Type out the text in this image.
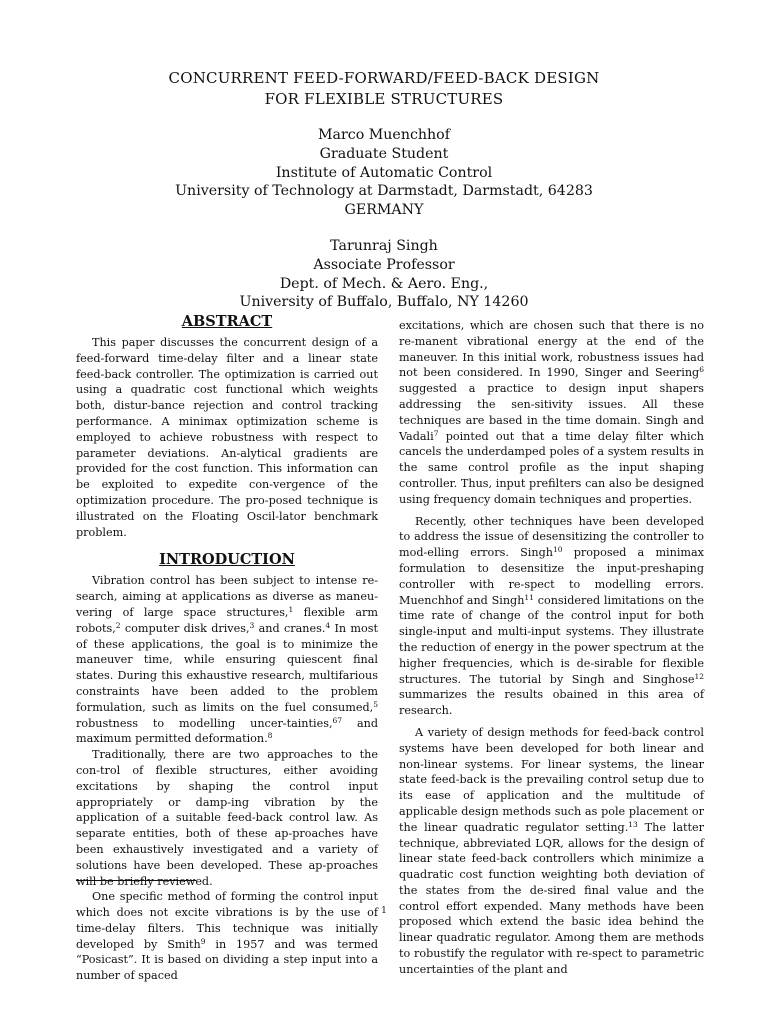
CONCURRENT FEED-FORWARD/FEED-BACK DESIGN
FOR FLEXIBLE STRUCTURES
Marco Muenchhof
Graduate Student
Institute of Automatic Control
University of Technology at Darmstadt, Darmstadt, 64283
GERMANY
Tarunraj Singh
Associate Professor
Dept. of Mech. & Aero. Eng.,
University of Buffalo, Buffalo, NY 14260
ABSTRACT

This paper discusses the concurrent design of a feed-forward time-delay filter and a linear state feed-back controller. The optimization is carried out using a quadratic cost functional which weights both, distur-bance rejection and control tracking performance. A minimax optimization scheme is employed to achieve robustness with respect to parameter deviations. An-alytical gradients are provided for the cost function. This information can be exploited to expedite con-vergence of the optimization procedure. The pro-posed technique is illustrated on the Floating Oscil-lator benchmark problem.

INTRODUCTION

Vibration control has been subject to intense re-search, aiming at applications as diverse as maneu-vering of large space structures,$^1$ flexible arm robots,$^2$ computer disk drives,$^3$ and cranes.$^4$ In most of these applications, the goal is to minimize the maneuver time, while ensuring quiescent final states. During this exhaustive research, multifarious constraints have been added to the problem formulation, such as limits on the fuel consumed,$^5$ robustness to modelling uncer-tainties,$^{67}$ and maximum permitted deformation.$^8$

Traditionally, there are two approaches to the con-trol of flexible structures, either avoiding excitations by shaping the control input appropriately or damp-ing vibration by the application of a suitable feed-back control law. As separate entities, both of these ap-proaches have been exhaustively investigated and a variety of solutions have been developed. These ap-proaches will be briefly reviewed.

One specific method of forming the control input which does not excite vibrations is by the use of time-delay filters. This technique was initially developed by Smith$^9$ in 1957 and was termed “Posicast”. It is based on dividing a step input into a number of spaced

excitations, which are chosen such that there is no re-manent vibrational energy at the end of the maneuver. In this initial work, robustness issues had not been considered. In 1990, Singer and Seering$^6$ suggested a practice to design input shapers addressing the sen-sitivity issues. All these techniques are based in the time domain. Singh and Vadali$^7$ pointed out that a time delay filter which cancels the underdamped poles of a system results in the same control profile as the input shaping controller. Thus, input prefilters can also be designed using frequency domain techniques and properties.

Recently, other techniques have been developed to address the issue of desensitizing the controller to mod-elling errors. Singh$^{10}$ proposed a minimax formulation to desensitize the input-preshaping controller with re-spect to modelling errors. Muenchhof and Singh$^{11}$ considered limitations on the time rate of change of the control input for both single-input and multi-input systems. They illustrate the reduction of energy in the power spectrum at the higher frequencies, which is de-sirable for flexible structures. The tutorial by Singh and Singhose$^{12}$ summarizes the results obained in this area of research.

A variety of design methods for feed-back control systems have been developed for both linear and non-linear systems. For linear systems, the linear state feed-back is the prevailing control setup due to its ease of application and the multitude of applicable design methods such as pole placement or the linear quadratic regulator setting.$^{13}$ The latter technique, abbreviated LQR, allows for the design of linear state feed-back controllers which minimize a quadratic cost function weighting both deviation of the states from the de-sired final value and the control effort expended. Many methods have been proposed which extend the basic idea behind the linear quadratic regulator. Among them are methods to robustify the regulator with re-spect to parametric uncertainties of the plant and

1
